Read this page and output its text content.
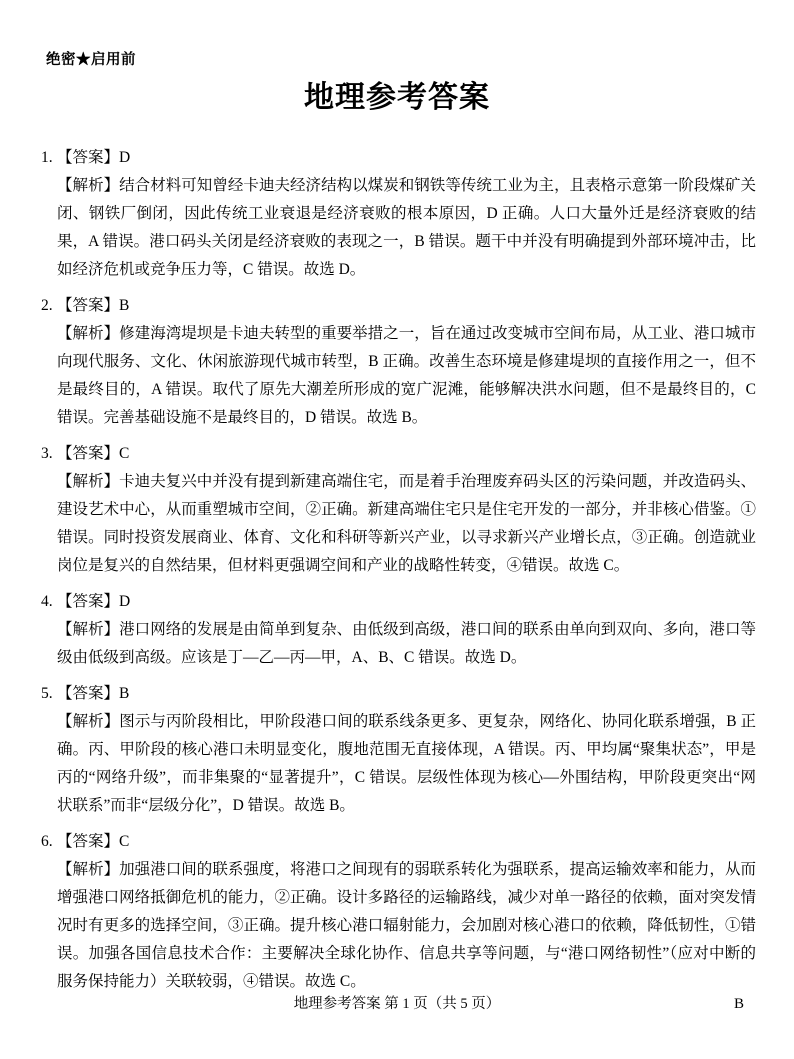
绝密★启用前
地理参考答案
1. 【答案】D

【解析】结合材料可知曾经卡迪夫经济结构以煤炭和钢铁等传统工业为主，且表格示意第一阶段煤矿关闭、钢铁厂倒闭，因此传统工业衰退是经济衰败的根本原因，D 正确。人口大量外迁是经济衰败的结果，A 错误。港口码头关闭是经济衰败的表现之一，B 错误。题干中并没有明确提到外部环境冲击，比如经济危机或竞争压力等，C 错误。故选 D。

2. 【答案】B

【解析】修建海湾堤坝是卡迪夫转型的重要举措之一，旨在通过改变城市空间布局，从工业、港口城市向现代服务、文化、休闲旅游现代城市转型，B 正确。改善生态环境是修建堤坝的直接作用之一，但不是最终目的，A 错误。取代了原先大潮差所形成的宽广泥滩，能够解决洪水问题，但不是最终目的，C 错误。完善基础设施不是最终目的，D 错误。故选 B。

3. 【答案】C

【解析】卡迪夫复兴中并没有提到新建高端住宅，而是着手治理废弃码头区的污染问题，并改造码头、建设艺术中心，从而重塑城市空间，②正确。新建高端住宅只是住宅开发的一部分，并非核心借鉴。①错误。同时投资发展商业、体育、文化和科研等新兴产业，以寻求新兴产业增长点，③正确。创造就业岗位是复兴的自然结果，但材料更强调空间和产业的战略性转变，④错误。故选 C。

4. 【答案】D

【解析】港口网络的发展是由简单到复杂、由低级到高级，港口间的联系由单向到双向、多向，港口等级由低级到高级。应该是丁—乙—丙—甲，A、B、C 错误。故选 D。

5. 【答案】B

【解析】图示与丙阶段相比，甲阶段港口间的联系线条更多、更复杂，网络化、协同化联系增强，B 正确。丙、甲阶段的核心港口未明显变化，腹地范围无直接体现，A 错误。丙、甲均属“聚集状态”，甲是丙的“网络升级”，而非集聚的“显著提升”，C 错误。层级性体现为核心—外围结构，甲阶段更突出“网状联系”而非“层级分化”，D 错误。故选 B。

6. 【答案】C

【解析】加强港口间的联系强度，将港口之间现有的弱联系转化为强联系，提高运输效率和能力，从而增强港口网络抵御危机的能力，②正确。设计多路径的运输路线，减少对单一路径的依赖，面对突发情况时有更多的选择空间，③正确。提升核心港口辐射能力，会加剧对核心港口的依赖，降低韧性，①错误。加强各国信息技术合作：主要解决全球化协作、信息共享等问题，与“港口网络韧性”（应对中断的服务保持能力）关联较弱，④错误。故选 C。

地理参考答案 第 1 页（共 5 页）	B
